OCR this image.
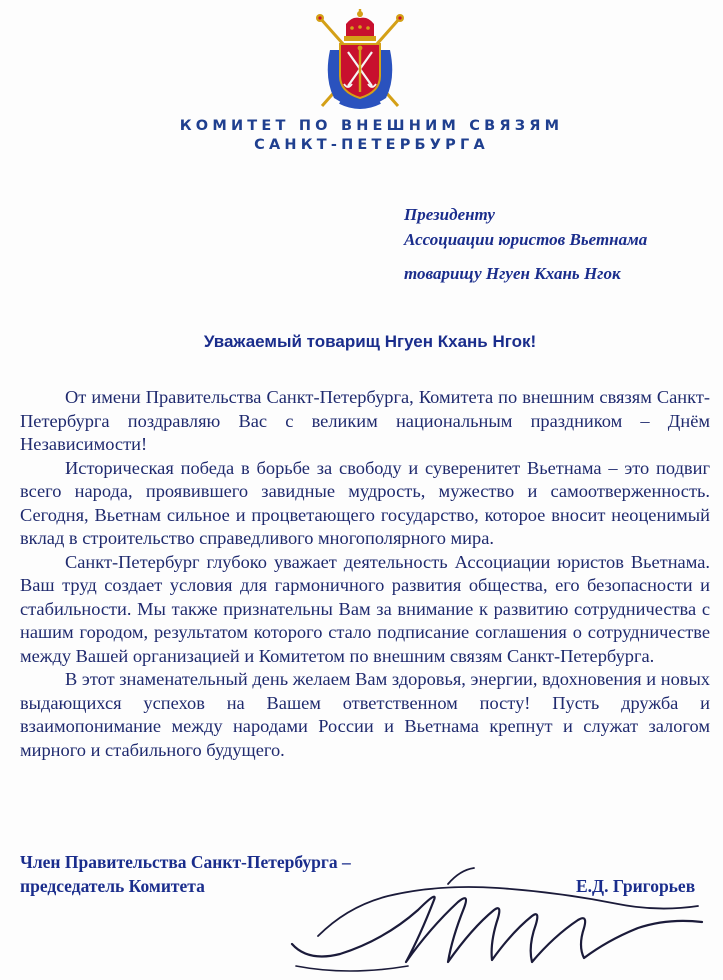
КОМИТЕТ ПО ВНЕШНИМ СВЯЗЯМ
САНКТ-ПЕТЕРБУРГА
Президенту
Ассоциации юристов Вьетнама
товарищу Нгуен Кхань Нгок
Уважаемый товарищ Нгуен Кхань Нгок!

От имени Правительства Санкт-Петербурга, Комитета по внешним связям Санкт-Петербурга поздравляю Вас с великим национальным праздником – Днём Независимости!

Историческая победа в борьбе за свободу и суверенитет Вьетнама – это подвиг всего народа, проявившего завидные мудрость, мужество и самоотверженность. Сегодня, Вьетнам сильное и процветающего государство, которое вносит неоценимый вклад в строительство справедливого многополярного мира.

Санкт-Петербург глубоко уважает деятельность Ассоциации юристов Вьетнама. Ваш труд создает условия для гармоничного развития общества, его безопасности и стабильности. Мы также признательны Вам за внимание к развитию сотрудничества с нашим городом, результатом которого стало подписание соглашения о сотрудничестве между Вашей организацией и Комитетом по внешним связям Санкт-Петербурга.

В этот знаменательный день желаем Вам здоровья, энергии, вдохновения и новых выдающихся успехов на Вашем ответственном посту! Пусть дружба и взаимопонимание между народами России и Вьетнама крепнут и служат залогом мирного и стабильного будущего.

Член Правительства Санкт-Петербурга –
председатель Комитета	Е.Д. Григорьев
